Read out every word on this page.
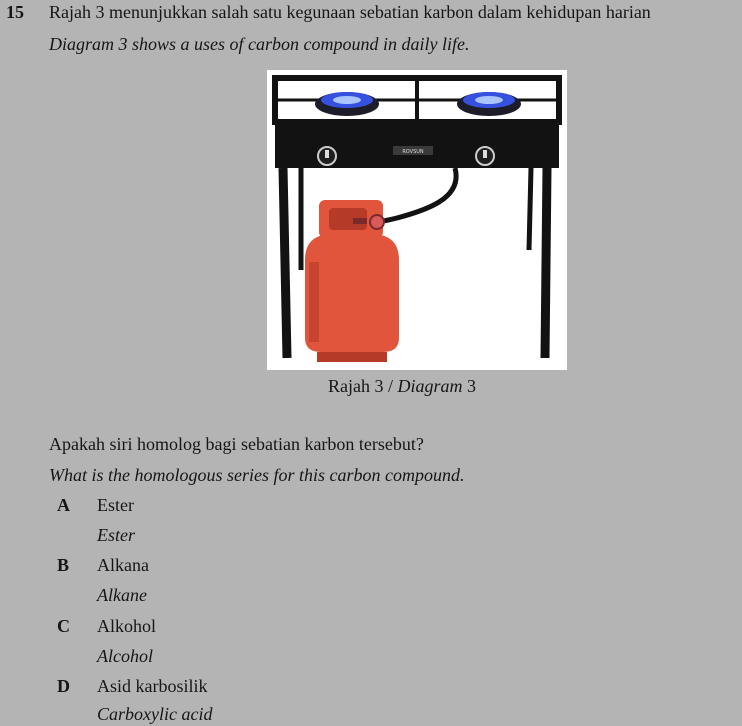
15 Rajah 3 menunjukkan salah satu kegunaan sebatian karbon dalam kehidupan harian
Diagram 3 shows a uses of carbon compound in daily life.
ROVSUN
Rajah 3 / Diagram 3
Apakah siri homolog bagi sebatian karbon tersebut?
What is the homologous series for this carbon compound.
A Ester
Ester
B Alkana
Alkane
C Alkohol
Alcohol
D Asid karbosilik
Carboxylic acid
